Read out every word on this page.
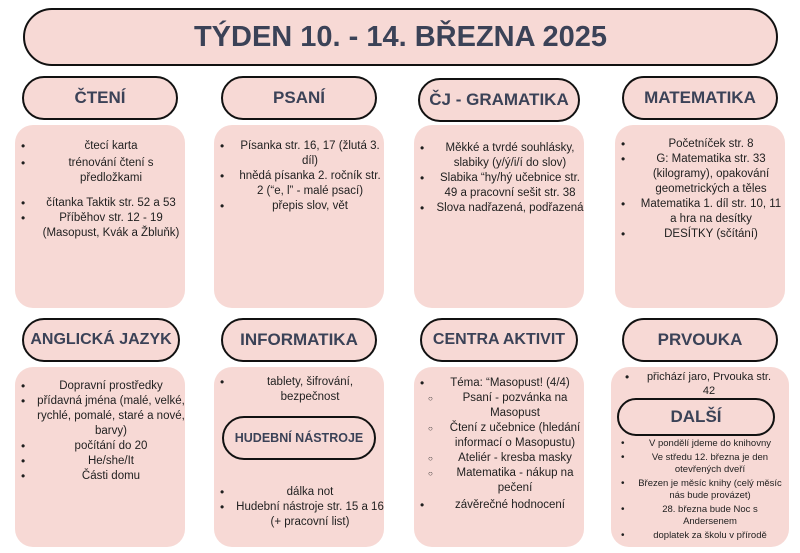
TÝDEN 10. - 14. BŘEZNA 2025
• čtecí karta
• trénování čtení s předložkami
• čítanka Taktik str. 52 a 53
• Příběhov str. 12 - 19 (Masopust, Kvák a Žbluňk)
ČTENÍ
• Písanka str. 16, 17 (žlutá 3. díl)
• hnědá písanka 2. ročník str. 2 (“e, l” - malé psací)
• přepis slov, vět
PSANÍ
• Měkké a tvrdé souhlásky, slabiky (y/ý/i/í do slov)
• Slabika “hy/hý učebnice str. 49 a pracovní sešit str. 38
• Slova nadřazená, podřazená
ČJ - GRAMATIKA
• Početníček str. 8
• G: Matematika str. 33 (kilogramy), opakování geometrických a těles
• Matematika 1. díl str. 10, 11 a hra na desítky
• DESÍTKY (sčítání)
MATEMATIKA
• Dopravní prostředky
• přídavná jména (malé, velké, rychlé, pomalé, staré a nové, barvy)
• počítání do 20
• He/she/It
• Části domu
ANGLICKÁ JAZYK
• tablety, šifrování, bezpečnost
• dálka not
• Hudební nástroje str. 15 a 16 (+ pracovní list)
INFORMATIKA
HUDEBNÍ NÁSTROJE
• Téma: “Masopust! (4/4)
○ Psaní - pozvánka na Masopust
○ Čtení z učebnice (hledání informací o Masopustu)
○ Ateliér - kresba masky
○ Matematika - nákup na pečení
• závěrečné hodnocení
CENTRA AKTIVIT
• přichází jaro, Prvouka str. 42
• V pondělí jdeme do knihovny
• Ve středu 12. března je den otevřených dveří
• Březen je měsíc knihy (celý měsíc nás bude provázet)
• 28. března bude Noc s Andersenem
• doplatek za školu v přírodě
PRVOUKA
DALŠÍ
